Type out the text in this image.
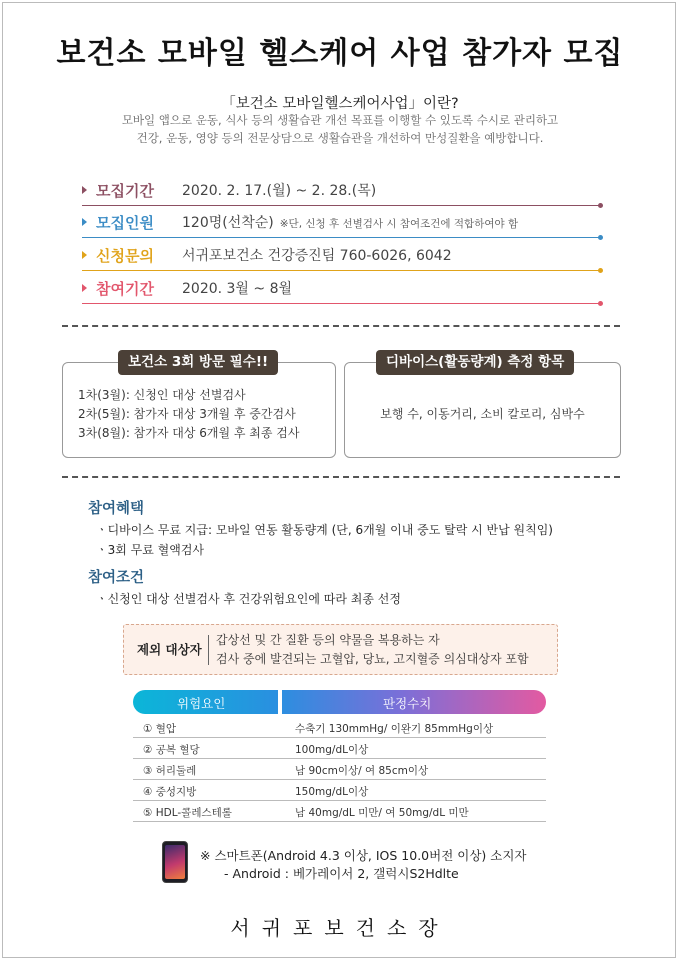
보건소 모바일 헬스케어 사업 참가자 모집
「보건소 모바일헬스케어사업」이란?
모바일 앱으로 운동, 식사 등의 생활습관 개선 목표를 이행할 수 있도록 수시로 관리하고
건강, 운동, 영양 등의 전문상담으로 생활습관을 개선하여 만성질환을 예방합니다.
모집기간 2020. 2. 17.(월) ~ 2. 28.(목)
모집인원 120명(선착순) ※단, 신청 후 선별검사 시 참여조건에 적합하여야 함
신청문의 서귀포보건소 건강증진팀 760-6026, 6042
참여기간 2020. 3월 ~ 8월
보건소 3회 방문 필수!!
1차(3월): 신청인 대상 선별검사
2차(5월): 참가자 대상 3개월 후 중간검사
3차(8월): 참가자 대상 6개월 후 최종 검사
디바이스(활동량계) 측정 항목
보행 수, 이동거리, 소비 칼로리, 심박수
참여혜택
ㆍ디바이스 무료 지급: 모바일 연동 활동량계 (단, 6개월 이내 중도 탈락 시 반납 원칙임)
ㆍ3회 무료 혈액검사
참여조건
ㆍ신청인 대상 선별검사 후 건강위험요인에 따라 최종 선정
제외 대상자
갑상선 및 간 질환 등의 약물을 복용하는 자
검사 중에 발견되는 고혈압, 당뇨, 고지혈증 의심대상자 포함
위험요인	판정수치
① 혈압	수축기 130mmHg/ 이완기 85mmHg이상
② 공복 혈당	100mg/dL이상
③ 허리둘레	남 90cm이상/ 여 85cm이상
④ 중성지방	150mg/dL이상
⑤ HDL-콜레스테롤	남 40mg/dL 미만/ 여 50mg/dL 미만
※ 스마트폰(Android 4.3 이상, IOS 10.0버전 이상) 소지자
- Android : 베가레이서 2, 갤럭시S2Hdlte
서귀포보건소장
